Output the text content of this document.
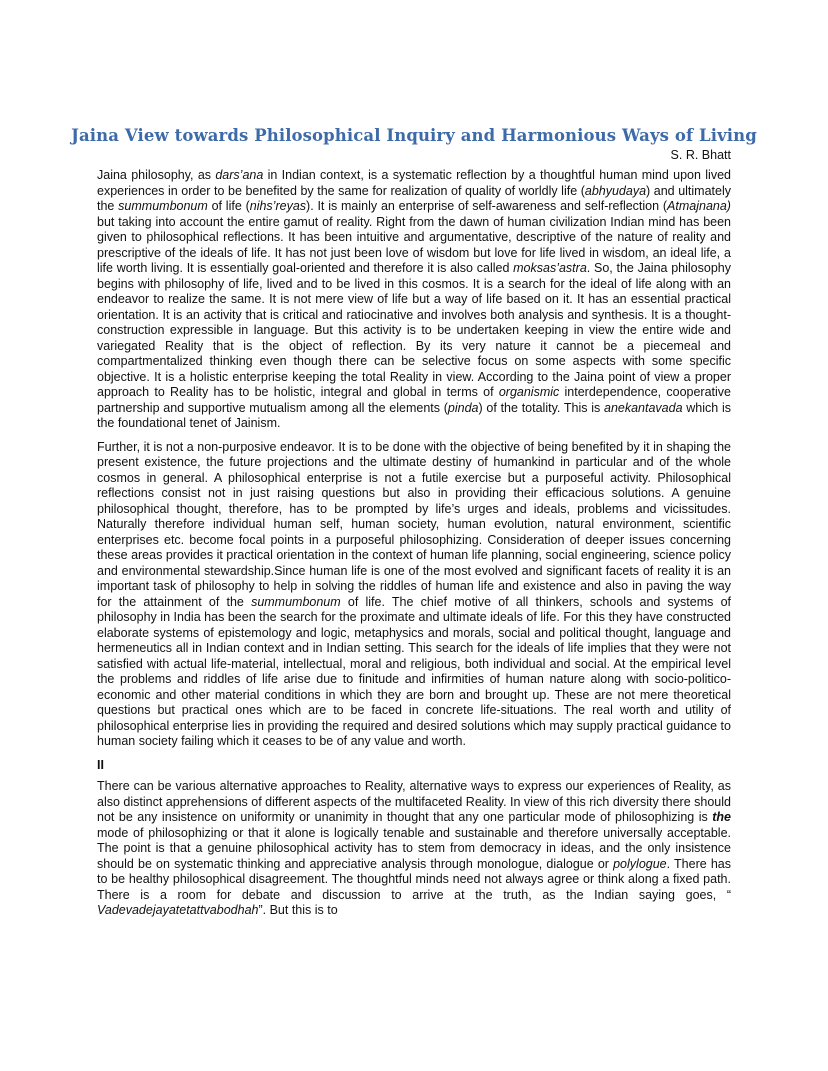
Jaina View towards Philosophical Inquiry and Harmonious Ways of Living
S. R. Bhatt

Jaina philosophy, as dars’ana in Indian context, is a systematic reflection by a thoughtful human mind upon lived experiences in order to be benefited by the same for realization of quality of worldly life (abhyudaya) and ultimately the summumbonum of life (nihs’reyas). It is mainly an enterprise of self-awareness and self-reflection (Atmajnana) but taking into account the entire gamut of reality. Right from the dawn of human civilization Indian mind has been given to philosophical reflections. It has been intuitive and argumentative, descriptive of the nature of reality and prescriptive of the ideals of life. It has not just been love of wisdom but love for life lived in wisdom, an ideal life, a life worth living. It is essentially goal-oriented and therefore it is also called moksas’astra. So, the Jaina philosophy begins with philosophy of life, lived and to be lived in this cosmos. It is a search for the ideal of life along with an endeavor to realize the same. It is not mere view of life but a way of life based on it. It has an essential practical orientation. It is an activity that is critical and ratiocinative and involves both analysis and synthesis. It is a thought- construction expressible in language. But this activity is to be undertaken keeping in view the entire wide and variegated Reality that is the object of reflection. By its very nature it cannot be a piecemeal and compartmentalized thinking even though there can be selective focus on some aspects with some specific objective. It is a holistic enterprise keeping the total Reality in view. According to the Jaina point of view a proper approach to Reality has to be holistic, integral and global in terms of organismic interdependence, cooperative partnership and supportive mutualism among all the elements (pinda) of the totality. This is anekantavada which is the foundational tenet of Jainism.

Further, it is not a non-purposive endeavor. It is to be done with the objective of being benefited by it in shaping the present existence, the future projections and the ultimate destiny of humankind in particular and of the whole cosmos in general. A philosophical enterprise is not a futile exercise but a purposeful activity. Philosophical reflections consist not in just raising questions but also in providing their efficacious solutions. A genuine philosophical thought, therefore, has to be prompted by life’s urges and ideals, problems and vicissitudes. Naturally therefore individual human self, human society, human evolution, natural environment, scientific enterprises etc. become focal points in a purposeful philosophizing. Consideration of deeper issues concerning these areas provides it practical orientation in the context of human life planning, social engineering, science policy and environmental stewardship.Since human life is one of the most evolved and significant facets of reality it is an important task of philosophy to help in solving the riddles of human life and existence and also in paving the way for the attainment of the summumbonum of life. The chief motive of all thinkers, schools and systems of philosophy in India has been the search for the proximate and ultimate ideals of life. For this they have constructed elaborate systems of epistemology and logic, metaphysics and morals, social and political thought, language and hermeneutics all in Indian context and in Indian setting. This search for the ideals of life implies that they were not satisfied with actual life-material, intellectual, moral and religious, both individual and social. At the empirical level the problems and riddles of life arise due to finitude and infirmities of human nature along with socio-politico-economic and other material conditions in which they are born and brought up. These are not mere theoretical questions but practical ones which are to be faced in concrete life-situations. The real worth and utility of philosophical enterprise lies in providing the required and desired solutions which may supply practical guidance to human society failing which it ceases to be of any value and worth.

II

There can be various alternative approaches to Reality, alternative ways to express our experiences of Reality, as also distinct apprehensions of different aspects of the multifaceted Reality. In view of this rich diversity there should not be any insistence on uniformity or unanimity in thought that any one particular mode of philosophizing is the mode of philosophizing or that it alone is logically tenable and sustainable and therefore universally acceptable. The point is that a genuine philosophical activity has to stem from democracy in ideas, and the only insistence should be on systematic thinking and appreciative analysis through monologue, dialogue or polylogue. There has to be healthy philosophical disagreement. The thoughtful minds need not always agree or think along a fixed path. There is a room for debate and discussion to arrive at the truth, as the Indian saying goes, “ Vadevadejayatetattvabodhah”. But this is to
